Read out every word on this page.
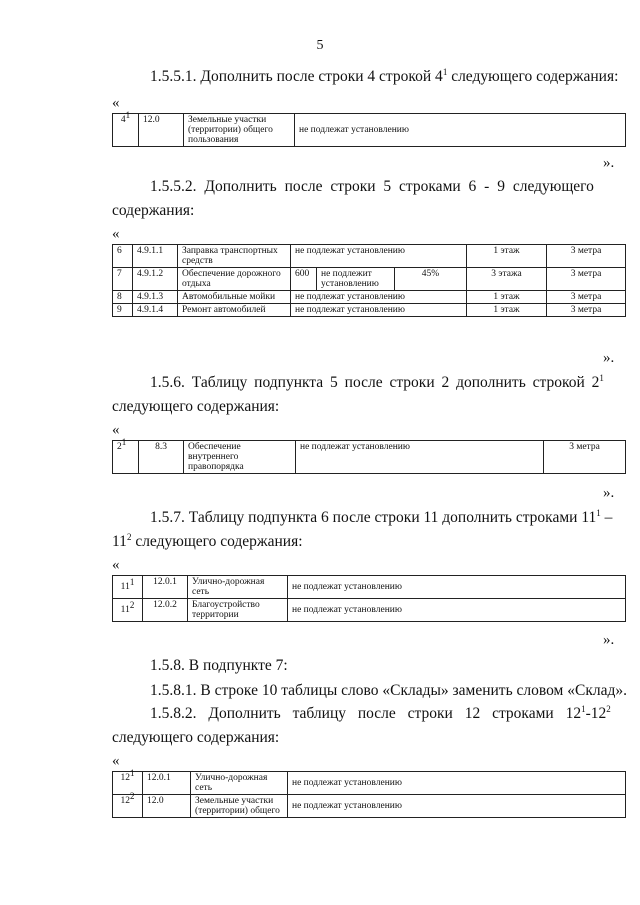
5
1.5.5.1. Дополнить после строки 4 строкой $4^1$ следующего содержания:
«
$4^1$	12.0	Земельные участки (территории) общего пользования	не подлежат установлению
».
1.5.5.2. Дополнить после строки 5 строками 6 - 9 следующего
содержания:
«
6	4.9.1.1	Заправка транспортных средств	не подлежат установлению			1 этаж	3 метра
7	4.9.1.2	Обеспечение дорожного отдыха	600	не подлежит установлению	45%	3 этажа	3 метра
8	4.9.1.3	Автомобильные мойки	не подлежат установлению			1 этаж	3 метра
9	4.9.1.4	Ремонт автомобилей	не подлежат установлению			1 этаж	3 метра
».
1.5.6. Таблицу подпункта 5 после строки 2 дополнить строкой $2^1$
следующего содержания:
«
$2^1$	8.3	Обеспечение внутреннего правопорядка	не подлежат установлению	3 метра
».
1.5.7. Таблицу подпункта 6 после строки 11 дополнить строками $11^1$ –
$11^2$ следующего содержания:
«
$11^1$	12.0.1	Улично-дорожная сеть	не подлежат установлению
$11^2$	12.0.2	Благоустройство территории	не подлежат установлению
».
1.5.8. В подпункте 7:
1.5.8.1. В строке 10 таблицы слово «Склады» заменить словом «Склад».
1.5.8.2. Дополнить таблицу после строки 12 строками $12^1-12^2$
следующего содержания:
«
$12^1$	12.0.1	Улично-дорожная сеть	не подлежат установлению
$12^2$	12.0	Земельные участки (территории) общего	не подлежат установлению
